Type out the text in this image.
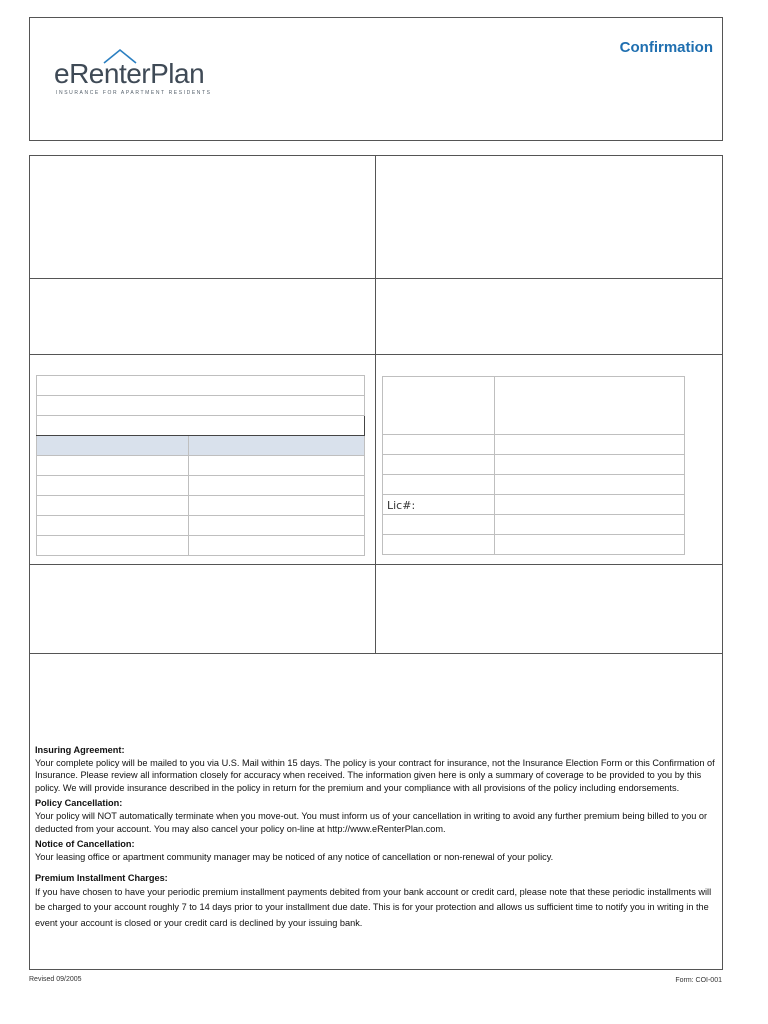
eRenterPlan
INSURANCE FOR APARTMENT RESIDENTS
Confirmation

Lic#:	

Insuring Agreement:
Your complete policy will be mailed to you via U.S. Mail within 15 days. The policy is your contract for insurance, not the Insurance Election Form or this Confirmation of Insurance. Please review all information closely for accuracy when received. The information given here is only a summary of coverage to be provided to you by this policy. We will provide insurance described in the policy in return for the premium and your compliance with all provisions of the policy including endorsements.
Policy Cancellation:
Your policy will NOT automatically terminate when you move-out. You must inform us of your cancellation in writing to avoid any further premium being billed to you or deducted from your account. You may also cancel your policy on-line at http://www.eRenterPlan.com.
Notice of Cancellation:
Your leasing office or apartment community manager may be noticed of any notice of cancellation or non-renewal of your policy.
Premium Installment Charges:
If you have chosen to have your periodic premium installment payments debited from your bank account or credit card, please note that these periodic installments will be charged to your account roughly 7 to 14 days prior to your installment due date. This is for your protection and allows us sufficient time to notify you in writing in the event your account is closed or your credit card is declined by your issuing bank.
Revised 09/2005	Form: COI-001
